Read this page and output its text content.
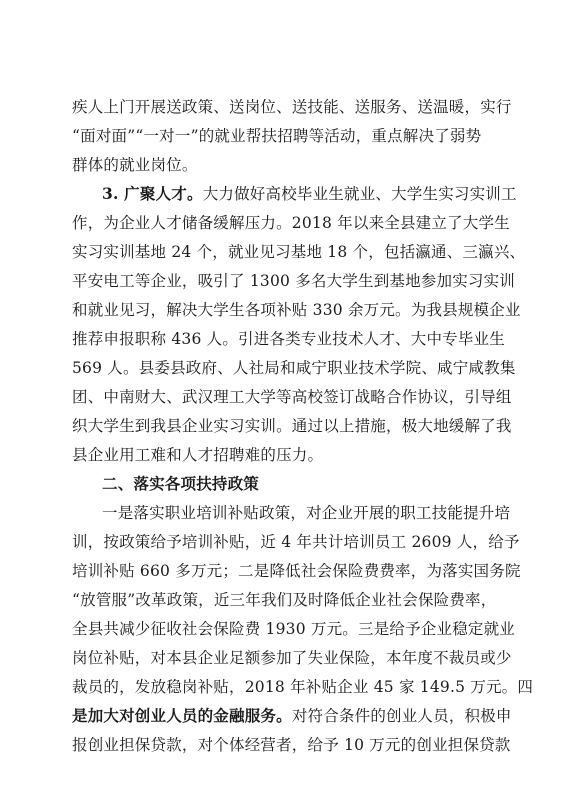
疾人上门开展送政策、送岗位、送技能、送服务、送温暖，实行
“面对面”“一对一”的就业帮扶招聘等活动，重点解决了弱势
群体的就业岗位。
3. 广聚人才。大力做好高校毕业生就业、大学生实习实训工
作，为企业人才储备缓解压力。2018 年以来全县建立了大学生
实习实训基地 24 个，就业见习基地 18 个，包括瀛通、三瀛兴、
平安电工等企业，吸引了 1300 多名大学生到基地参加实习实训
和就业见习，解决大学生各项补贴 330 余万元。为我县规模企业
推荐申报职称 436 人。引进各类专业技术人才、大中专毕业生
569 人。县委县政府、人社局和咸宁职业技术学院、咸宁咸教集
团、中南财大、武汉理工大学等高校签订战略合作协议，引导组
织大学生到我县企业实习实训。通过以上措施，极大地缓解了我
县企业用工难和人才招聘难的压力。
二、落实各项扶持政策
一是落实职业培训补贴政策，对企业开展的职工技能提升培
训，按政策给予培训补贴，近 4 年共计培训员工 2609 人，给予
培训补贴 660 多万元；二是降低社会保险费费率，为落实国务院
“放管服”改革政策，近三年我们及时降低企业社会保险费率，
全县共减少征收社会保险费 1930 万元。三是给予企业稳定就业
岗位补贴，对本县企业足额参加了失业保险，本年度不裁员或少
裁员的，发放稳岗补贴，2018 年补贴企业 45 家 149.5 万元。四
是加大对创业人员的金融服务。对符合条件的创业人员，积极申
报创业担保贷款，对个体经营者，给予 10 万元的创业担保贷款
